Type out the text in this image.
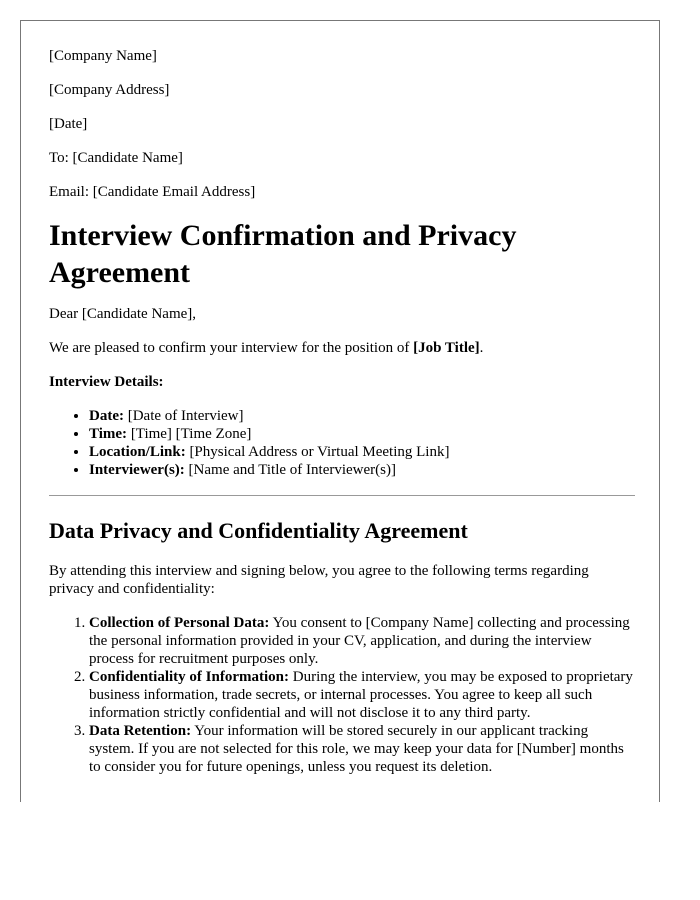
[Company Name]
[Company Address]
[Date]
To: [Candidate Name]
Email: [Candidate Email Address]
Interview Confirmation and Privacy Agreement

Dear [Candidate Name],

We are pleased to confirm your interview for the position of [Job Title].

Interview Details:

• Date: [Date of Interview]
• Time: [Time] [Time Zone]
• Location/Link: [Physical Address or Virtual Meeting Link]
• Interviewer(s): [Name and Title of Interviewer(s)]
Data Privacy and Confidentiality Agreement

By attending this interview and signing below, you agree to the following terms regarding privacy and confidentiality:

1. Collection of Personal Data: You consent to [Company Name] collecting and processing the personal information provided in your CV, application, and during the interview process for recruitment purposes only.
2. Confidentiality of Information: During the interview, you may be exposed to proprietary business information, trade secrets, or internal processes. You agree to keep all such information strictly confidential and will not disclose it to any third party.
3. Data Retention: Your information will be stored securely in our applicant tracking system. If you are not selected for this role, we may keep your data for [Number] months to consider you for future openings, unless you request its deletion.
